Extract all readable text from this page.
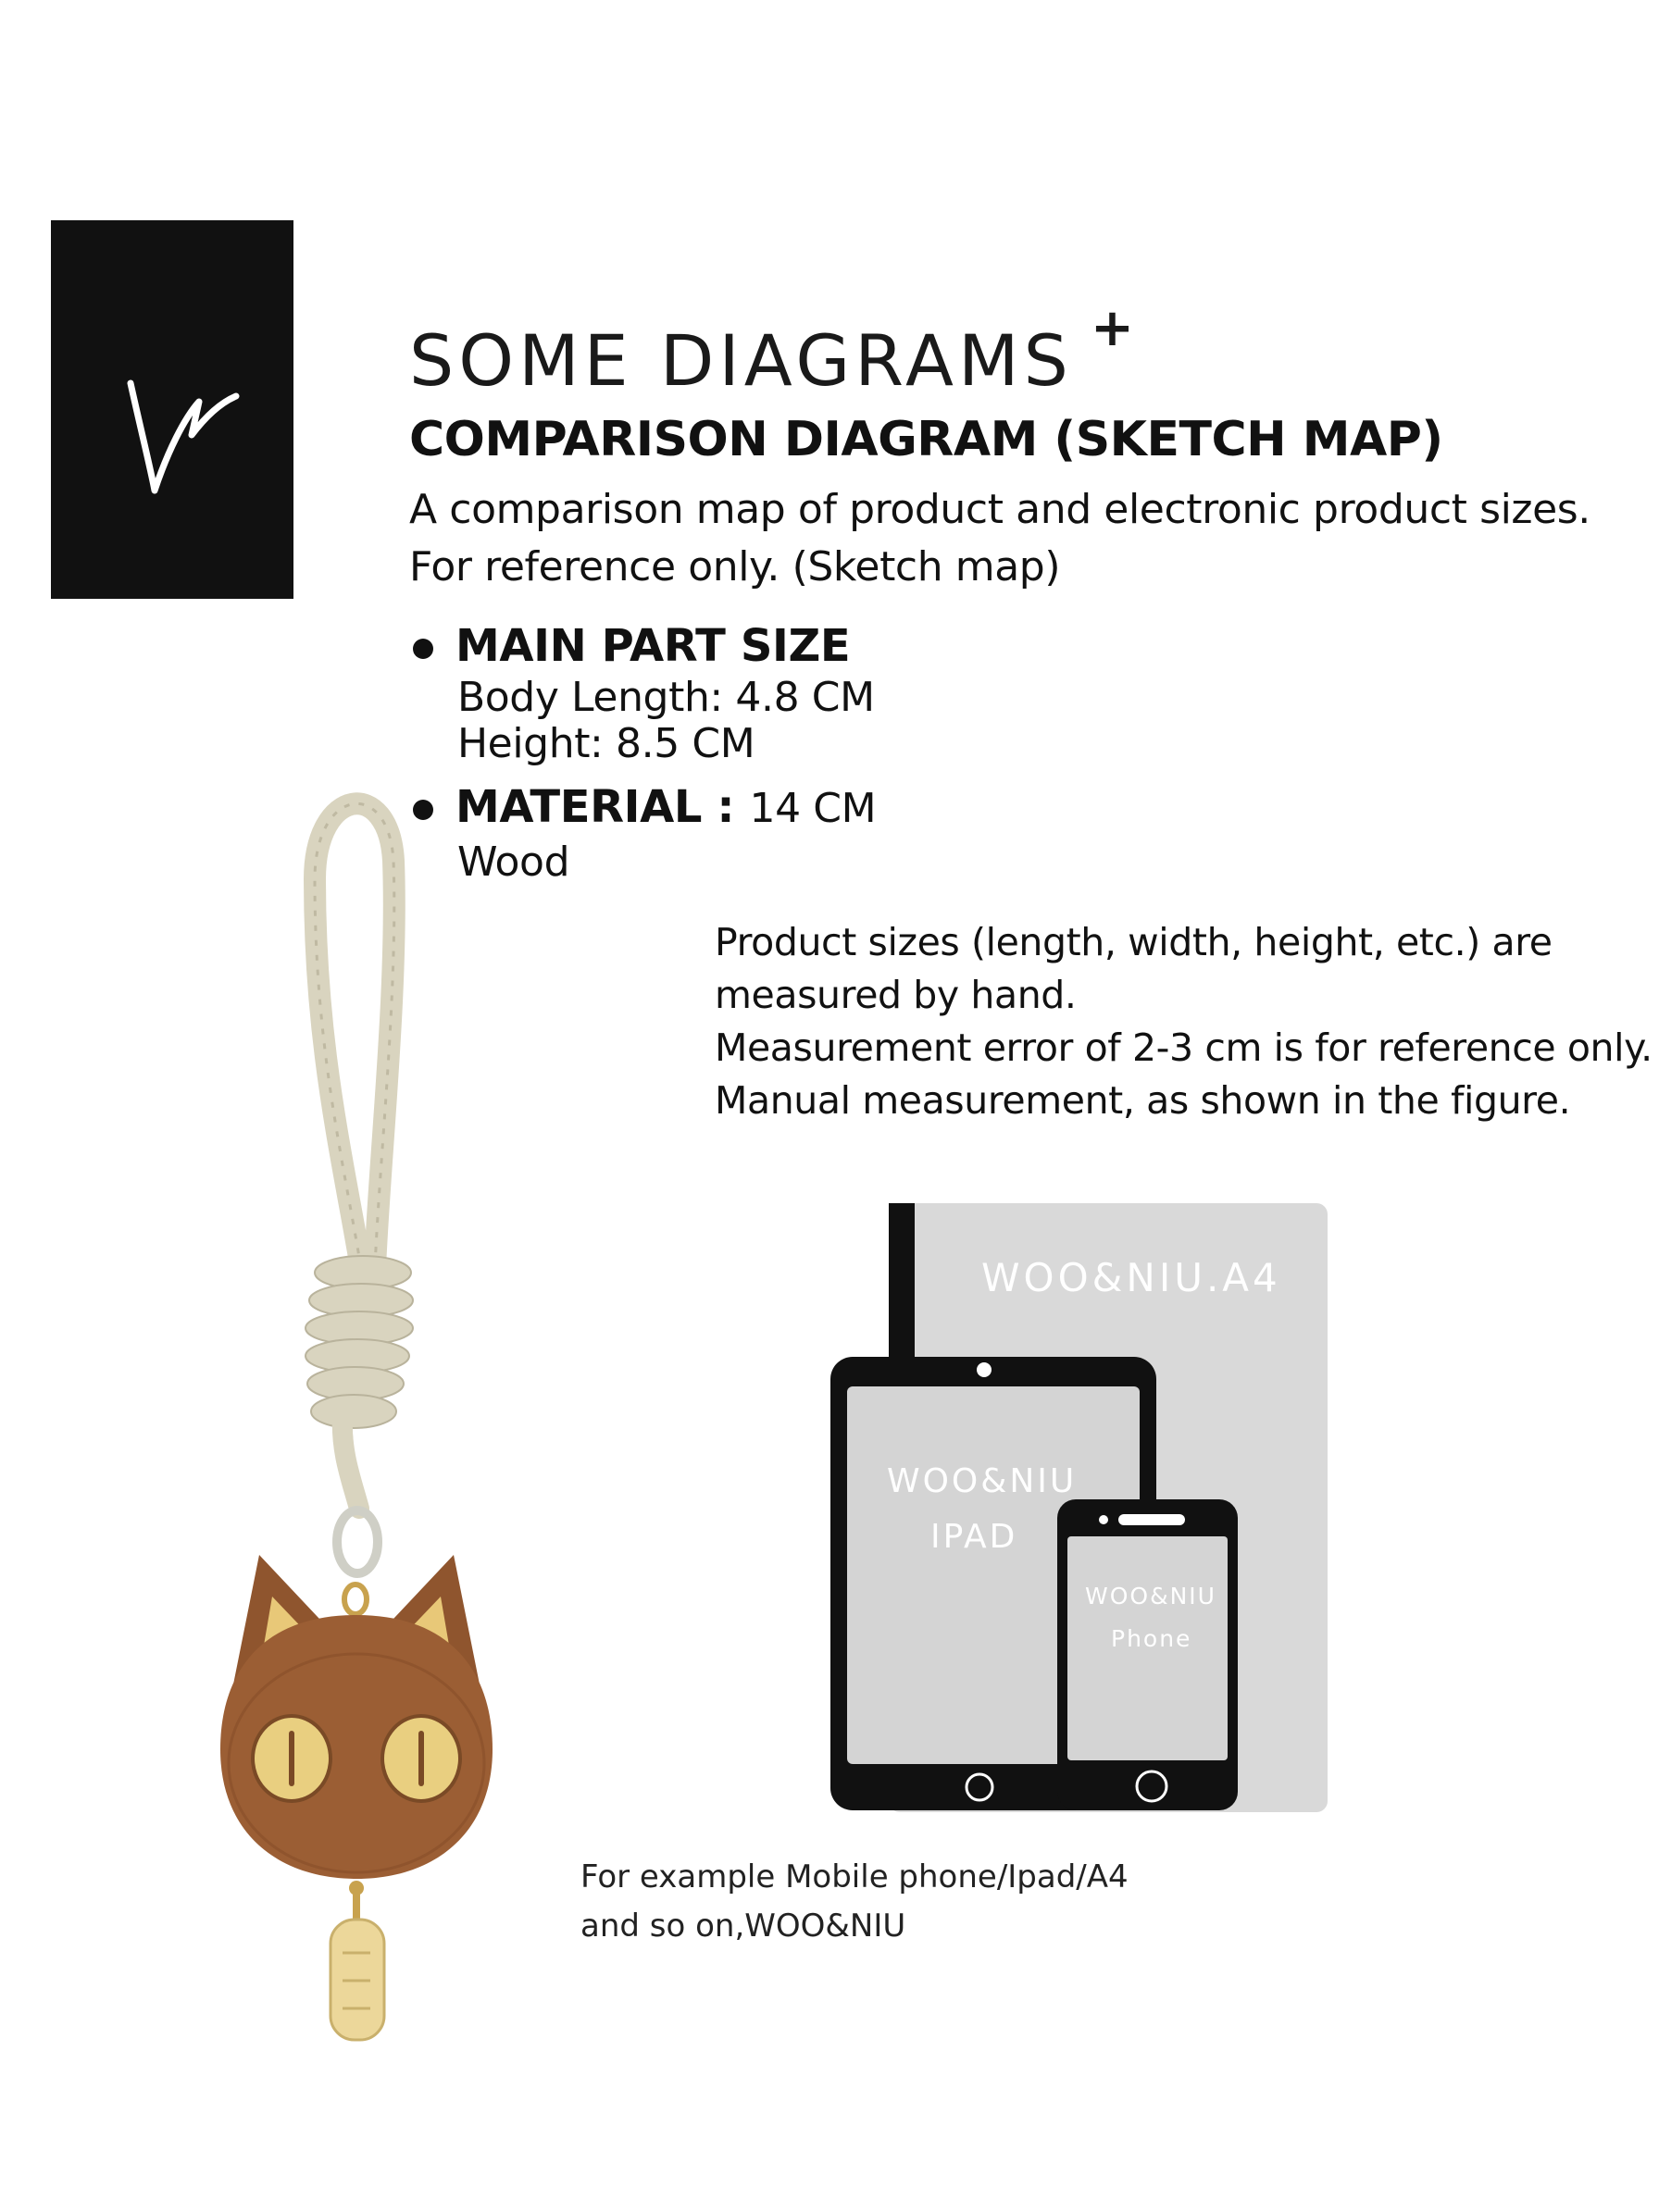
SOME DIAGRAMS +
COMPARISON DIAGRAM (SKETCH MAP)
A comparison map of product and electronic product sizes.
For reference only. (Sketch map)
MAIN PART SIZE
Body Length: 4.8 CM
Height: 8.5 CM
MATERIAL : 14 CM
Wood
Product sizes (length, width, height, etc.) are
measured by hand.
Measurement error of 2-3 cm is for reference only.
Manual measurement, as shown in the figure.
WOO&NIU.A4
WOO&NIU
IPAD
WOO&NIU
Phone
For example Mobile phone/Ipad/A4
and so on,WOO&NIU
